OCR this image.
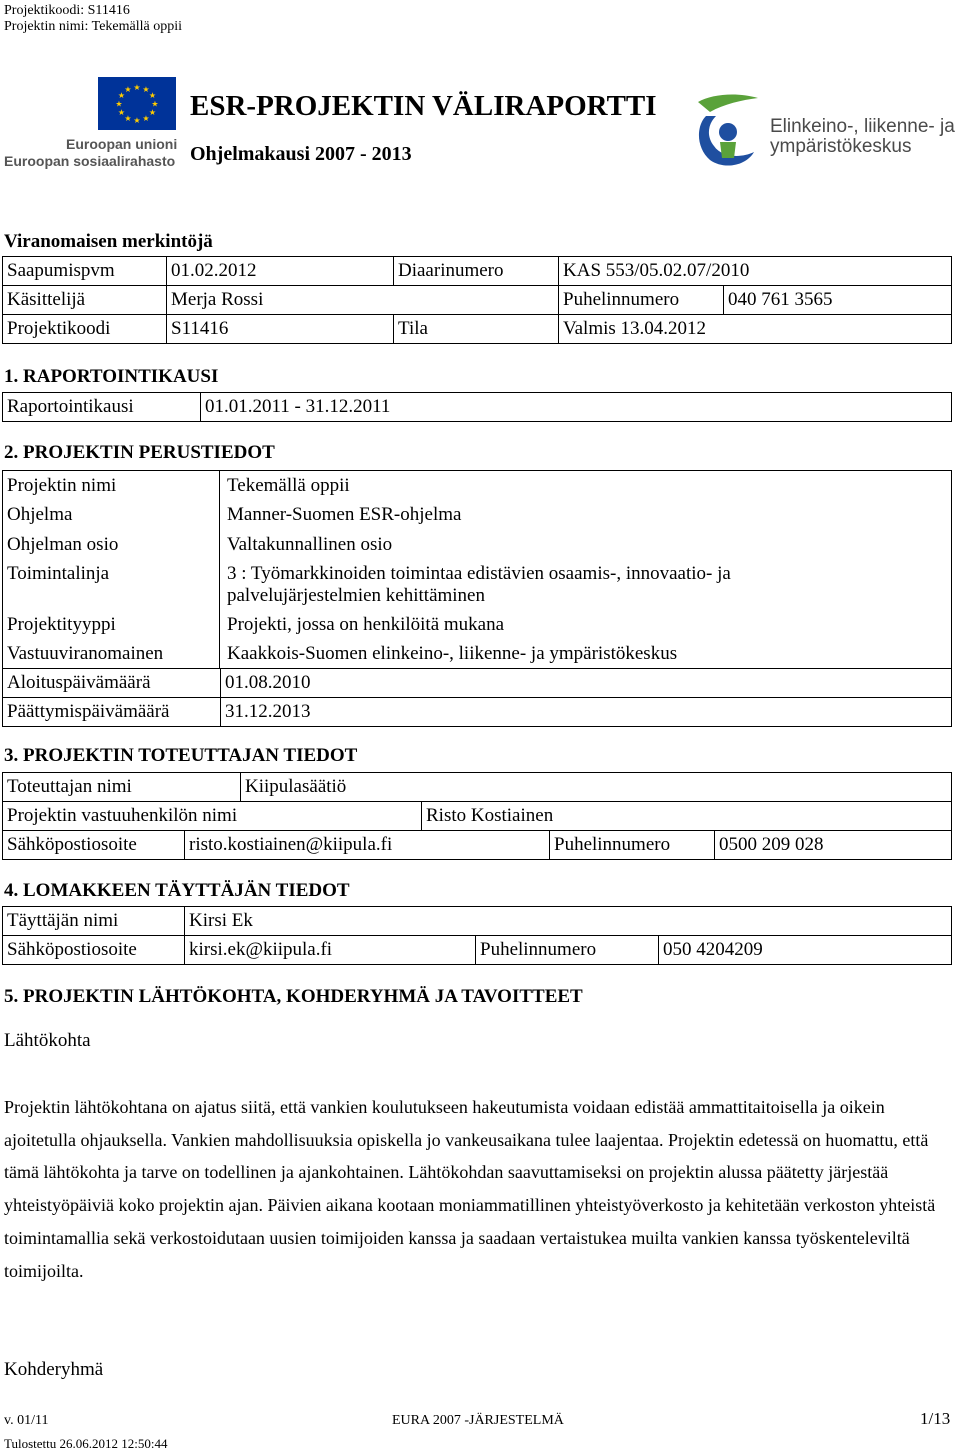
Projektikoodi: S11416
Projektin nimi: Tekemällä oppii
★ ★
★
★
★
★
★
★
★
★
★
★
Euroopan unioni
Euroopan sosiaalirahasto
ESR-PROJEKTIN VÄLIRAPORTTI
Ohjelmakausi 2007 - 2013
Elinkeino-, liikenne- ja
ympäristökeskus
Viranomaisen merkintöjä
Saapumispvm	01.02.2012	Diaarinumero	KAS 553/05.02.07/2010
Käsittelijä	Merja Rossi	Puhelinnumero	040 761 3565
Projektikoodi	S11416	Tila	Valmis 13.04.2012
1. RAPORTOINTIKAUSI
Raportointikausi	01.01.2011 - 31.12.2011
2. PROJEKTIN PERUSTIEDOT
Projektin nimi	Tekemällä oppii
Ohjelma	Manner-Suomen ESR-ohjelma
Ohjelman osio	Valtakunnallinen osio
Toimintalinja	3 : Työmarkkinoiden toimintaa edistävien osaamis-, innovaatio- ja
palvelujärjestelmien kehittäminen
Projektityyppi	Projekti, jossa on henkilöitä mukana
Vastuuviranomainen	Kaakkois-Suomen elinkeino-, liikenne- ja ympäristökeskus
Aloituspäivämäärä	01.08.2010
Päättymispäivämäärä	31.12.2013
3. PROJEKTIN TOTEUTTAJAN TIEDOT
Toteuttajan nimi	Kiipulasäätiö
Projektin vastuuhenkilön nimi	Risto Kostiainen
Sähköpostiosoite	risto.kostiainen@kiipula.fi	Puhelinnumero	0500 209 028
4. LOMAKKEEN TÄYTTÄJÄN TIEDOT
Täyttäjän nimi	Kirsi Ek
Sähköpostiosoite	kirsi.ek@kiipula.fi	Puhelinnumero	050 4204209
5. PROJEKTIN LÄHTÖKOHTA, KOHDERYHMÄ JA TAVOITTEET
Lähtökohta
Projektin lähtökohtana on ajatus siitä, että vankien koulutukseen hakeutumista voidaan edistää ammattitaitoisella ja oikein ajoitetulla ohjauksella. Vankien mahdollisuuksia opiskella jo vankeusaikana tulee laajentaa. Projektin edetessä on huomattu, että tämä lähtökohta ja tarve on todellinen ja ajankohtainen. Lähtökohdan saavuttamiseksi on projektin alussa päätetty järjestää yhteistyöpäiviä koko projektin ajan. Päivien aikana kootaan moniammatillinen yhteistyöverkosto ja kehitetään verkoston yhteistä toimintamallia sekä verkostoidutaan uusien toimijoiden kanssa ja saadaan vertaistukea muilta vankien kanssa työskenteleviltä toimijoilta.
Kohderyhmä
v. 01/11	EURA 2007 -JÄRJESTELMÄ	1/13
Tulostettu 26.06.2012 12:50:44
